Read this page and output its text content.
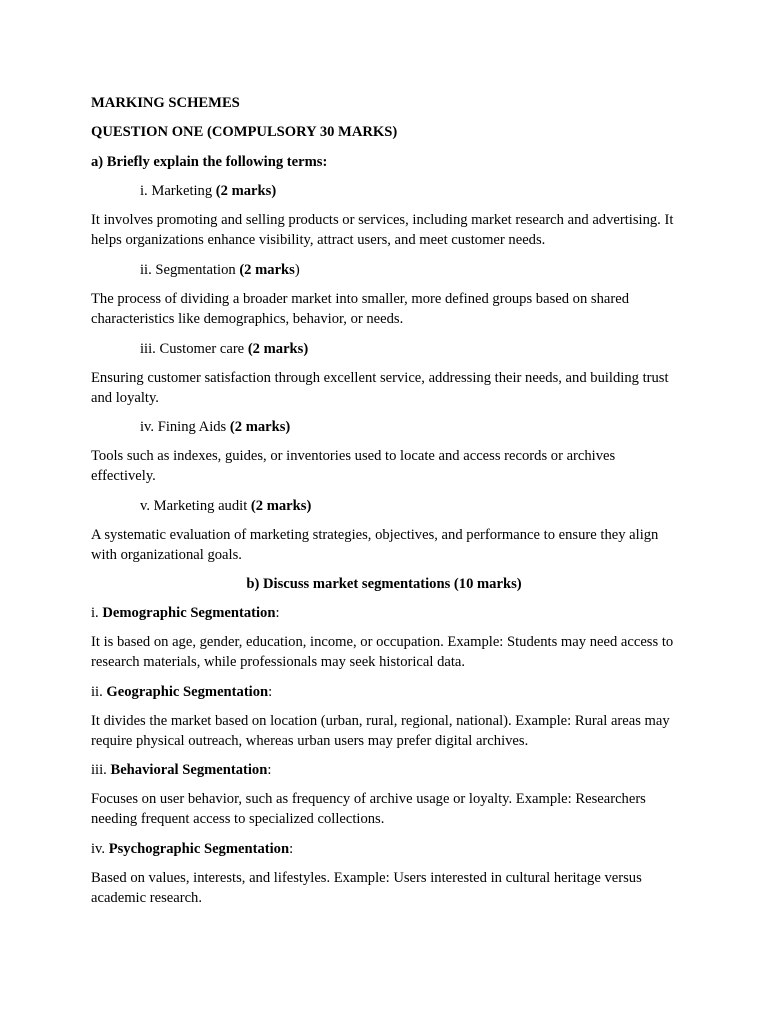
MARKING SCHEMES
QUESTION ONE (COMPULSORY 30 MARKS)
a) Briefly explain the following terms:
i. Marketing (2 marks)
It involves promoting and selling products or services, including market research and advertising. It helps organizations enhance visibility, attract users, and meet customer needs.
ii. Segmentation (2 marks)
The process of dividing a broader market into smaller, more defined groups based on shared characteristics like demographics, behavior, or needs.
iii. Customer care (2 marks)
Ensuring customer satisfaction through excellent service, addressing their needs, and building trust and loyalty.
iv. Fining Aids (2 marks)
Tools such as indexes, guides, or inventories used to locate and access records or archives effectively.
v. Marketing audit (2 marks)
A systematic evaluation of marketing strategies, objectives, and performance to ensure they align with organizational goals.
b) Discuss market segmentations (10 marks)
i. Demographic Segmentation:
It is based on age, gender, education, income, or occupation. Example: Students may need access to research materials, while professionals may seek historical data.
ii. Geographic Segmentation:
It divides the market based on location (urban, rural, regional, national). Example: Rural areas may require physical outreach, whereas urban users may prefer digital archives.
iii. Behavioral Segmentation:
Focuses on user behavior, such as frequency of archive usage or loyalty. Example: Researchers needing frequent access to specialized collections.
iv. Psychographic Segmentation:
Based on values, interests, and lifestyles. Example: Users interested in cultural heritage versus academic research.
